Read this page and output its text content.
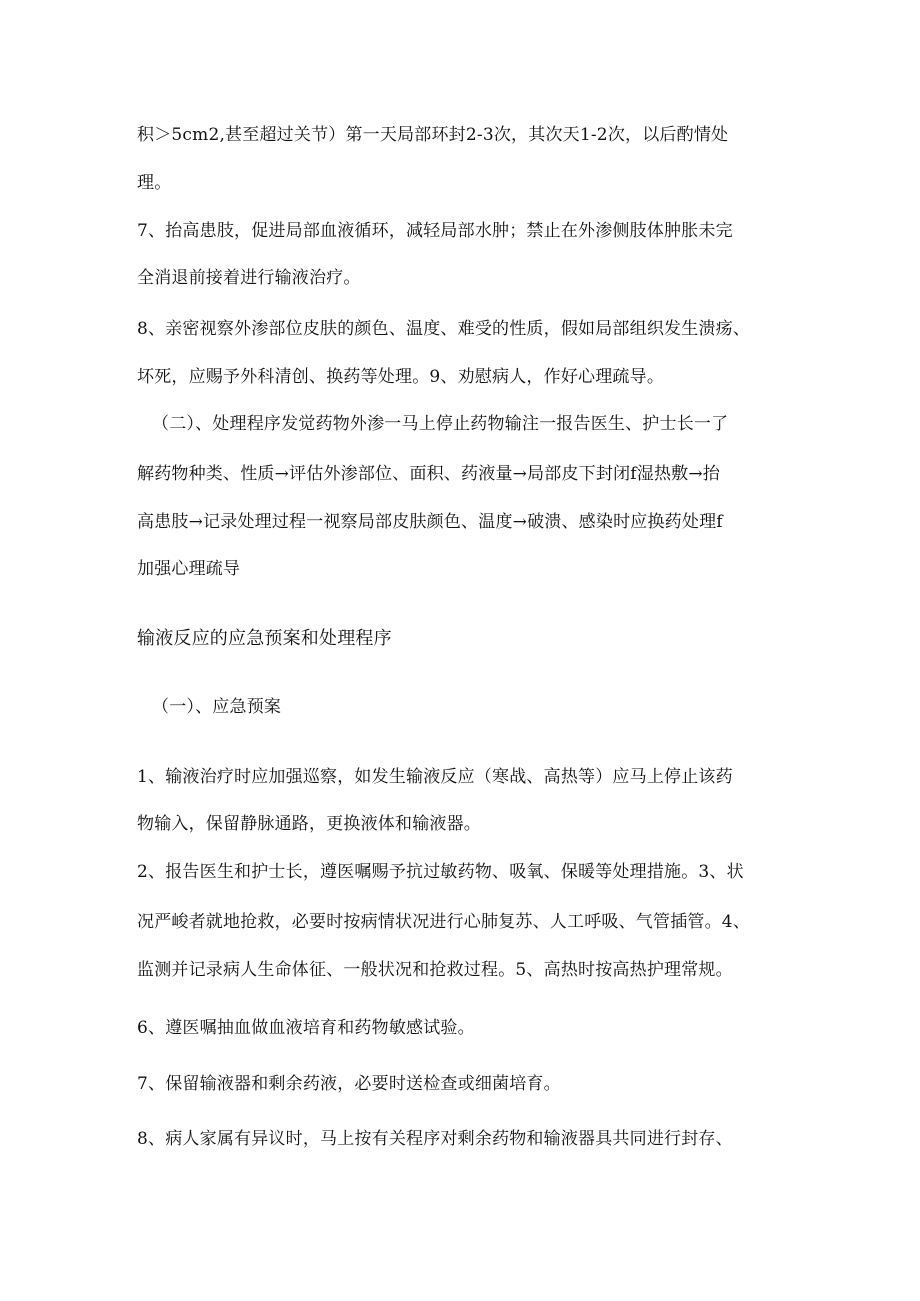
积＞5cm2,甚至超过关节）第一天局部环封2-3次，其次天1-2次，以后酌情处
理。
7、抬高患肢，促进局部血液循环，减轻局部水肿；禁止在外渗侧肢体肿胀未完
全消退前接着进行输液治疗。
8、亲密视察外渗部位皮肤的颜色、温度、难受的性质，假如局部组织发生溃疡、
坏死，应赐予外科清创、换药等处理。9、劝慰病人，作好心理疏导。
（二）、处理程序发觉药物外渗一马上停止药物输注一报告医生、护士长一了
解药物种类、性质→评估外渗部位、面积、药液量→局部皮下封闭f湿热敷→抬
高患肢→记录处理过程一视察局部皮肤颜色、温度→破溃、感染时应换药处理f
加强心理疏导
输液反应的应急预案和处理程序
（一）、应急预案
1、输液治疗时应加强巡察，如发生输液反应（寒战、高热等）应马上停止该药
物输入，保留静脉通路，更换液体和输液器。
2、报告医生和护士长，遵医嘱赐予抗过敏药物、吸氧、保暖等处理措施。3、状
况严峻者就地抢救，必要时按病情状况进行心肺复苏、人工呼吸、气管插管。4、
监测并记录病人生命体征、一般状况和抢救过程。5、高热时按高热护理常规。
6、遵医嘱抽血做血液培育和药物敏感试验。
7、保留输液器和剩余药液，必要时送检查或细菌培育。
8、病人家属有异议时，马上按有关程序对剩余药物和输液器具共同进行封存、
